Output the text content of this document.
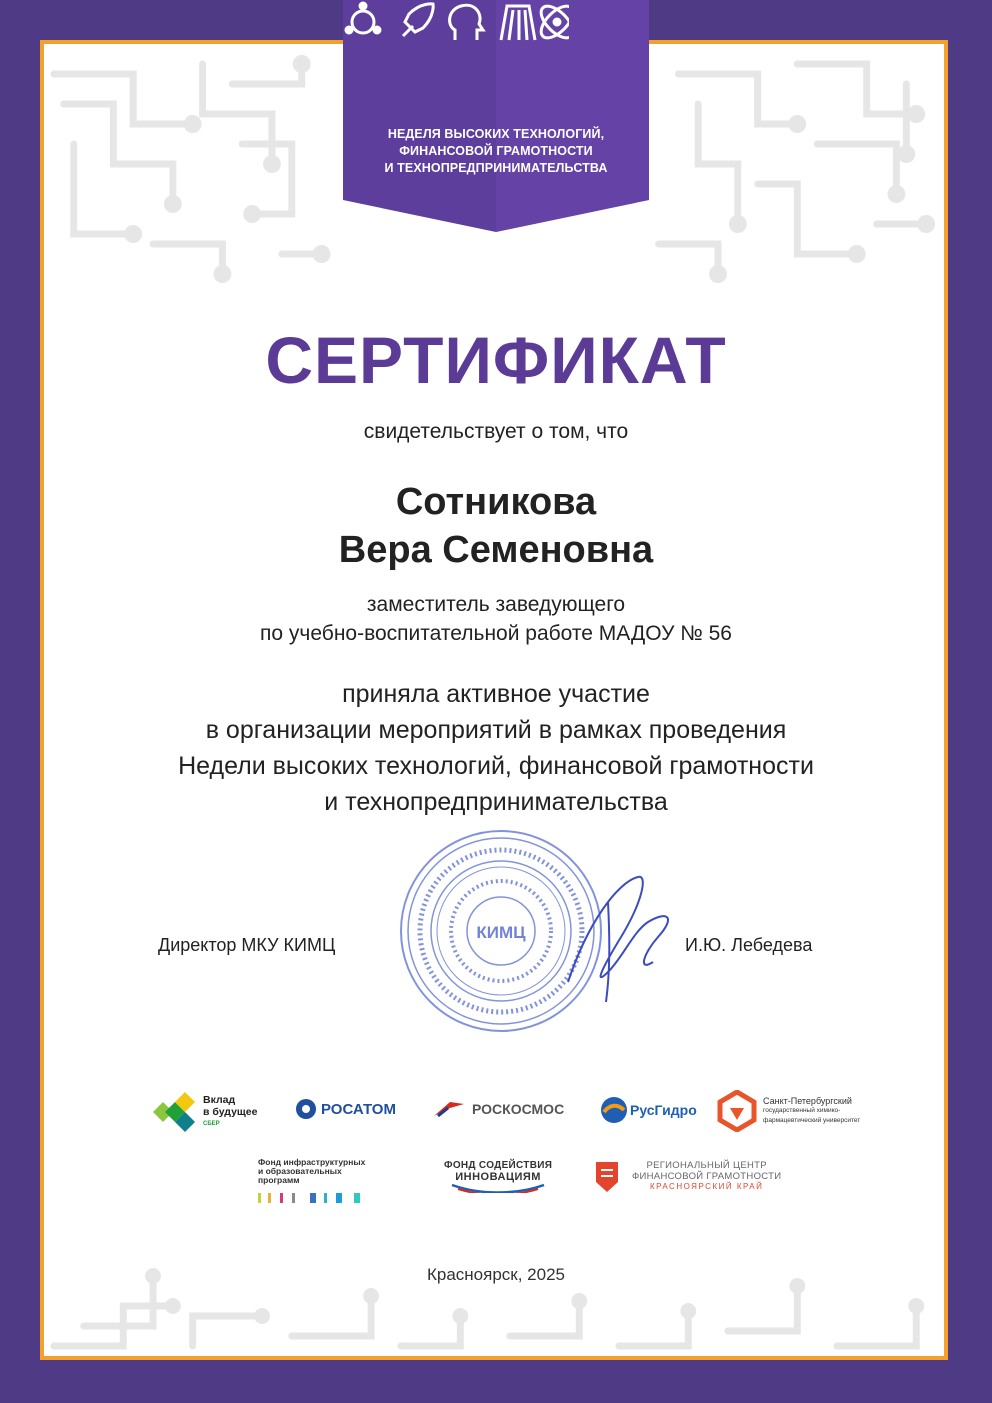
НЕДЕЛЯ ВЫСОКИХ ТЕХНОЛОГИЙ,
ФИНАНСОВОЙ ГРАМОТНОСТИ
И ТЕХНОПРЕДПРИНИМАТЕЛЬСТВА
СЕРТИФИКАТ
свидетельствует о том, что
Сотникова
Вера Семеновна
заместитель заведующего
по учебно-воспитательной работе МАДОУ № 56
приняла активное участие
в организации мероприятий в рамках проведения
Недели высоких технологий, финансовой грамотности
и технопредпринимательства
КИМЦ
Директор МКУ КИМЦ	И.Ю. Лебедева
Вклад
в будущее
СБЕР
РОСАТОМ	РОСКОСМОС	РусГидро
Санкт-Петербургский
государственный химико-
фармацевтический университет
Фонд инфраструктурных
и образовательных
программ
ФОНД СОДЕЙСТВИЯ
ИННОВАЦИЯМ
РЕГИОНАЛЬНЫЙ ЦЕНТР
ФИНАНСОВОЙ ГРАМОТНОСТИ
КРАСНОЯРСКИЙ КРАЙ
Красноярск, 2025
